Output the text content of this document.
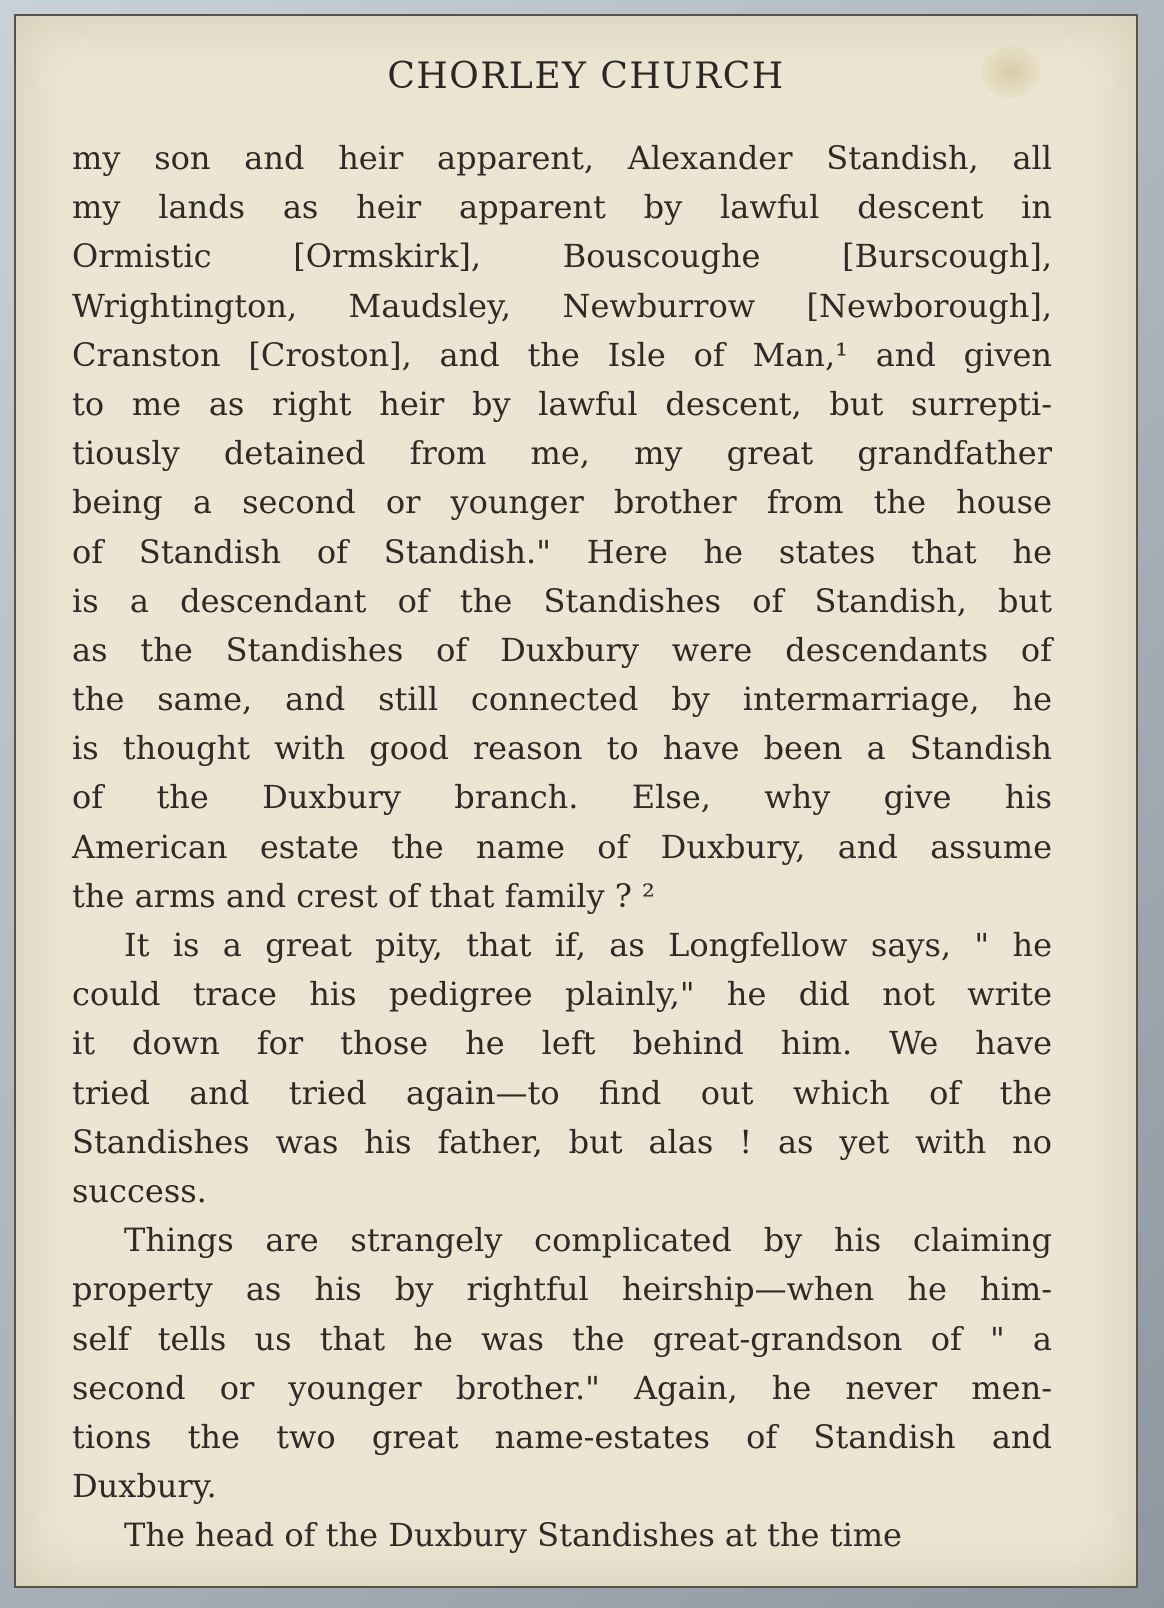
CHORLEY CHURCH

my son and heir apparent, Alexander Standish, all
my lands as heir apparent by lawful descent in
Ormistic [Ormskirk], Bouscoughe [Burscough],
Wrightington, Maudsley, Newburrow [Newborough],
Cranston [Croston], and the Isle of Man,¹ and given
to me as right heir by lawful descent, but surrepti-
tiously detained from me, my great grandfather
being a second or younger brother from the house
of Standish of Standish." Here he states that he
is a descendant of the Standishes of Standish, but
as the Standishes of Duxbury were descendants of
the same, and still connected by intermarriage, he
is thought with good reason to have been a Standish
of the Duxbury branch. Else, why give his
American estate the name of Duxbury, and assume
the arms and crest of that family ? ²

It is a great pity, that if, as Longfellow says, " he
could trace his pedigree plainly," he did not write
it down for those he left behind him. We have
tried and tried again—to find out which of the
Standishes was his father, but alas ! as yet with no
success.

Things are strangely complicated by his claiming
property as his by rightful heirship—when he him-
self tells us that he was the great-grandson of " a
second or younger brother." Again, he never men-
tions the two great name-estates of Standish and
Duxbury.

The head of the Duxbury Standishes at the time
